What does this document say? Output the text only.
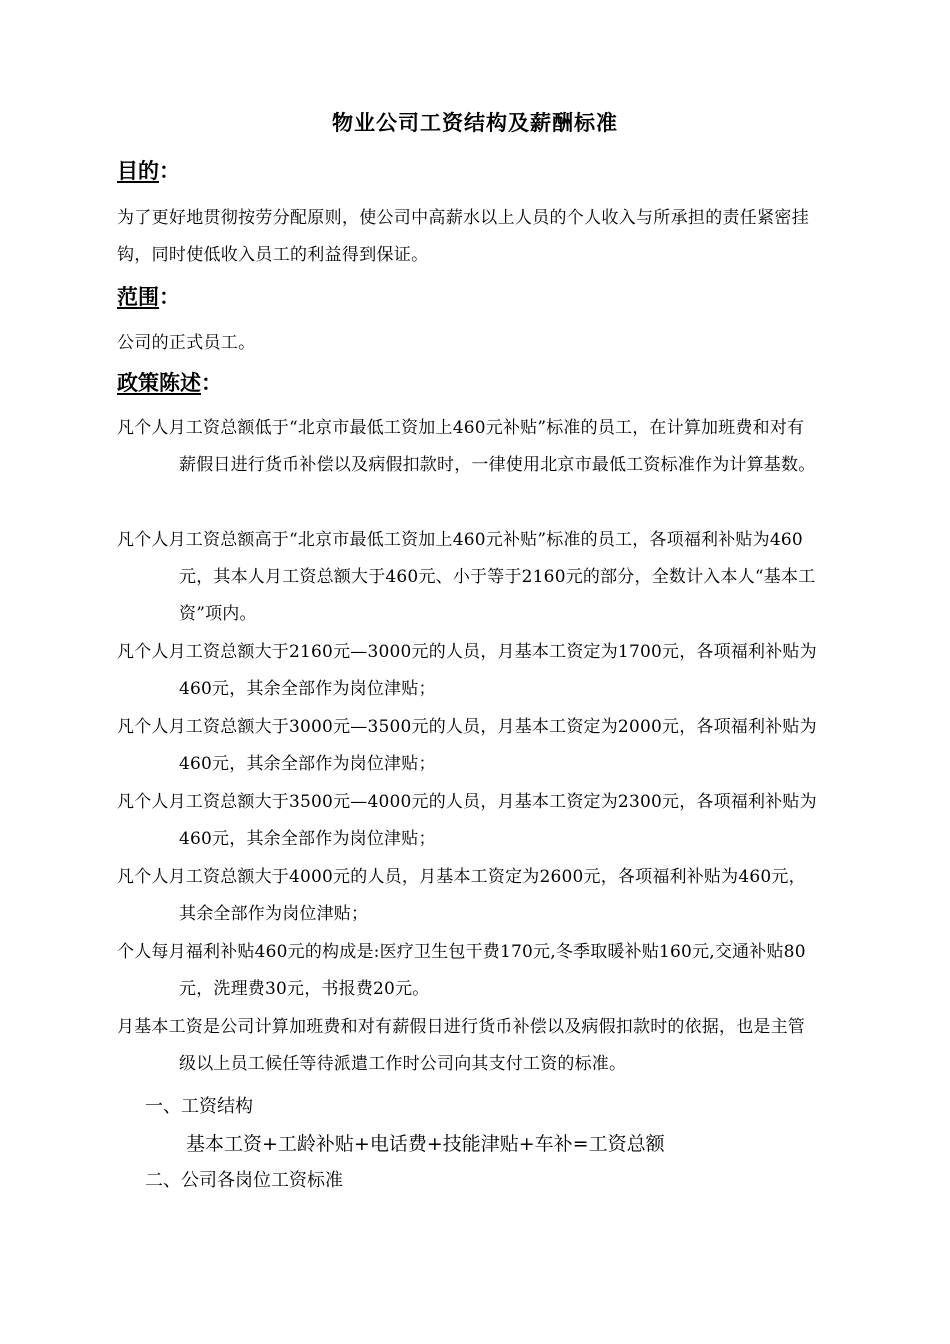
物业公司工资结构及薪酬标准
目的：
为了更好地贯彻按劳分配原则，使公司中高薪水以上人员的个人收入与所承担的责任紧密挂钩，同时使低收入员工的利益得到保证。
范围：
公司的正式员工。
政策陈述：
凡个人月工资总额低于“北京市最低工资加上460元补贴”标准的员工，在计算加班费和对有薪假日进行货币补偿以及病假扣款时，一律使用北京市最低工资标准作为计算基数。
凡个人月工资总额高于“北京市最低工资加上460元补贴”标准的员工，各项福利补贴为460元，其本人月工资总额大于460元、小于等于2160元的部分，全数计入本人“基本工资”项内。
凡个人月工资总额大于2160元—3000元的人员，月基本工资定为1700元，各项福利补贴为460元，其余全部作为岗位津贴；
凡个人月工资总额大于3000元—3500元的人员，月基本工资定为2000元，各项福利补贴为460元，其余全部作为岗位津贴；
凡个人月工资总额大于3500元—4000元的人员，月基本工资定为2300元，各项福利补贴为460元，其余全部作为岗位津贴；
凡个人月工资总额大于4000元的人员，月基本工资定为2600元，各项福利补贴为460元，其余全部作为岗位津贴；
个人每月福利补贴460元的构成是:医疗卫生包干费170元,冬季取暖补贴160元,交通补贴80元，洗理费30元，书报费20元。
月基本工资是公司计算加班费和对有薪假日进行货币补偿以及病假扣款时的依据，也是主管级以上员工候任等待派遣工作时公司向其支付工资的标准。
一、工资结构
基本工资+工龄补贴+电话费+技能津贴+车补=工资总额
二、公司各岗位工资标准
